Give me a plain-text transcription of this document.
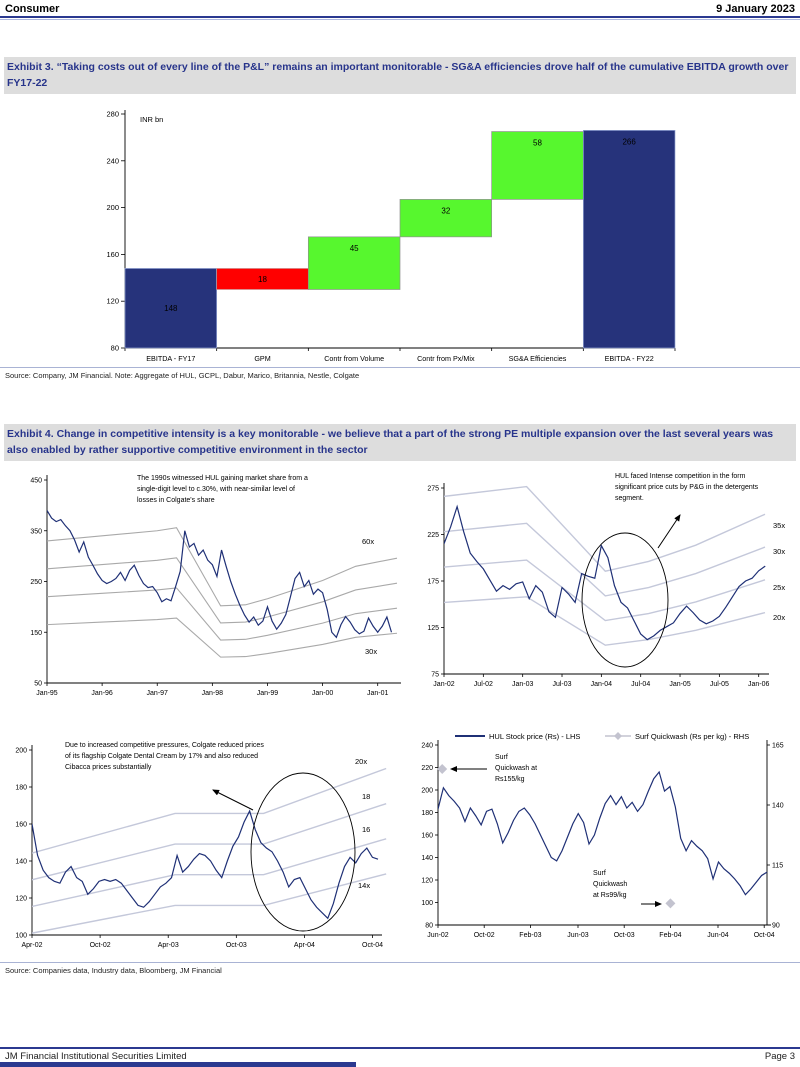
Consumer	9 January 2023
Exhibit 3. “Taking costs out of every line of the P&L” remains an important monitorable - SG&A efficiencies drove half of the cumulative EBITDA growth over FY17-22
80
120
160
200
240
280
148
EBITDA - FY17
18
GPM
45
Contr from Volume
32
Contr from Px/Mix
58
SG&A Efficiencies
266
EBITDA - FY22
INR bn
Source: Company, JM Financial. Note: Aggregate of HUL, GCPL, Dabur, Marico, Britannia, Nestle, Colgate
Exhibit 4. Change in competitive intensity is a key monitorable - we believe that a part of the strong PE multiple expansion over the last several years was also enabled by rather supportive competitive environment in the sector
50
150
250
350
450
Jan-95	Jan-96	Jan-97	Jan-98	Jan-99	Jan-00	Jan-01
60x
30x
The 1990s witnessed HUL gaining market share from a single-digit level to c.30%, with near-similar level of losses in Colgate's share
75
125
175
225
275
Jan-02	Jul-02	Jan-03	Jul-03	Jan-04	Jul-04	Jan-05	Jul-05	Jan-06
35x
30x
25x
20x
HUL faced Intense competition in the form significant price cuts by P&G in the detergents segment.
100
120
140
160
180
200
Apr-02	Oct-02	Apr-03	Oct-03	Apr-04	Oct-04
20x
18
16
14x
Due to increased competitive pressures, Colgate reduced prices of its flagship Colgate Dental Cream by 17% and also reduced Cibacca prices substantially
80
100
120
140
160
180
200
220
240
Jun-02	Oct-02	Feb-03	Jun-03	Oct-03	Feb-04	Jun-04	Oct-04
90
115
140
165
Surf Quickwash at Rs155/kg
Surf Quickwash at Rs99/kg
HUL Stock price (Rs) - LHS	Surf Quickwash (Rs per kg) - RHS
Source: Companies data, Industry data, Bloomberg, JM Financial
JM Financial Institutional Securities Limited	Page 3
